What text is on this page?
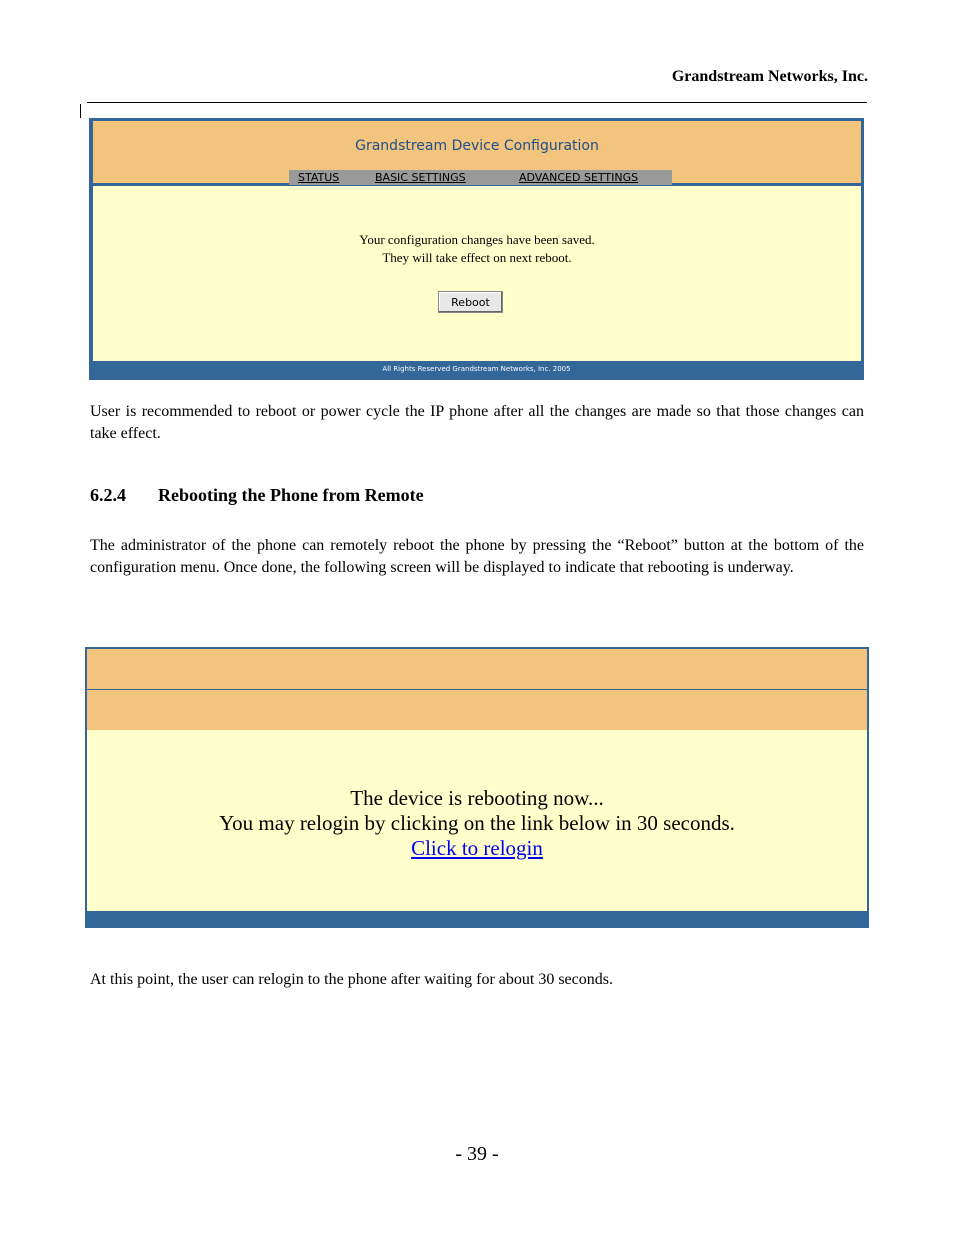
Grandstream Networks, Inc.
Grandstream Device Configuration
STATUS	BASIC SETTINGS	ADVANCED SETTINGS
Your configuration changes have been saved.
They will take effect on next reboot.
Reboot
All Rights Reserved Grandstream Networks, Inc. 2005
User is recommended to reboot or power cycle the IP phone after all the changes are made so that those changes can take effect.
6.2.4 Rebooting the Phone from Remote
The administrator of the phone can remotely reboot the phone by pressing the “Reboot” button at the bottom of the configuration menu. Once done, the following screen will be displayed to indicate that rebooting is underway.
The device is rebooting now...
You may relogin by clicking on the link below in 30 seconds.
Click to relogin
At this point, the user can relogin to the phone after waiting for about 30 seconds.
- 39 -
